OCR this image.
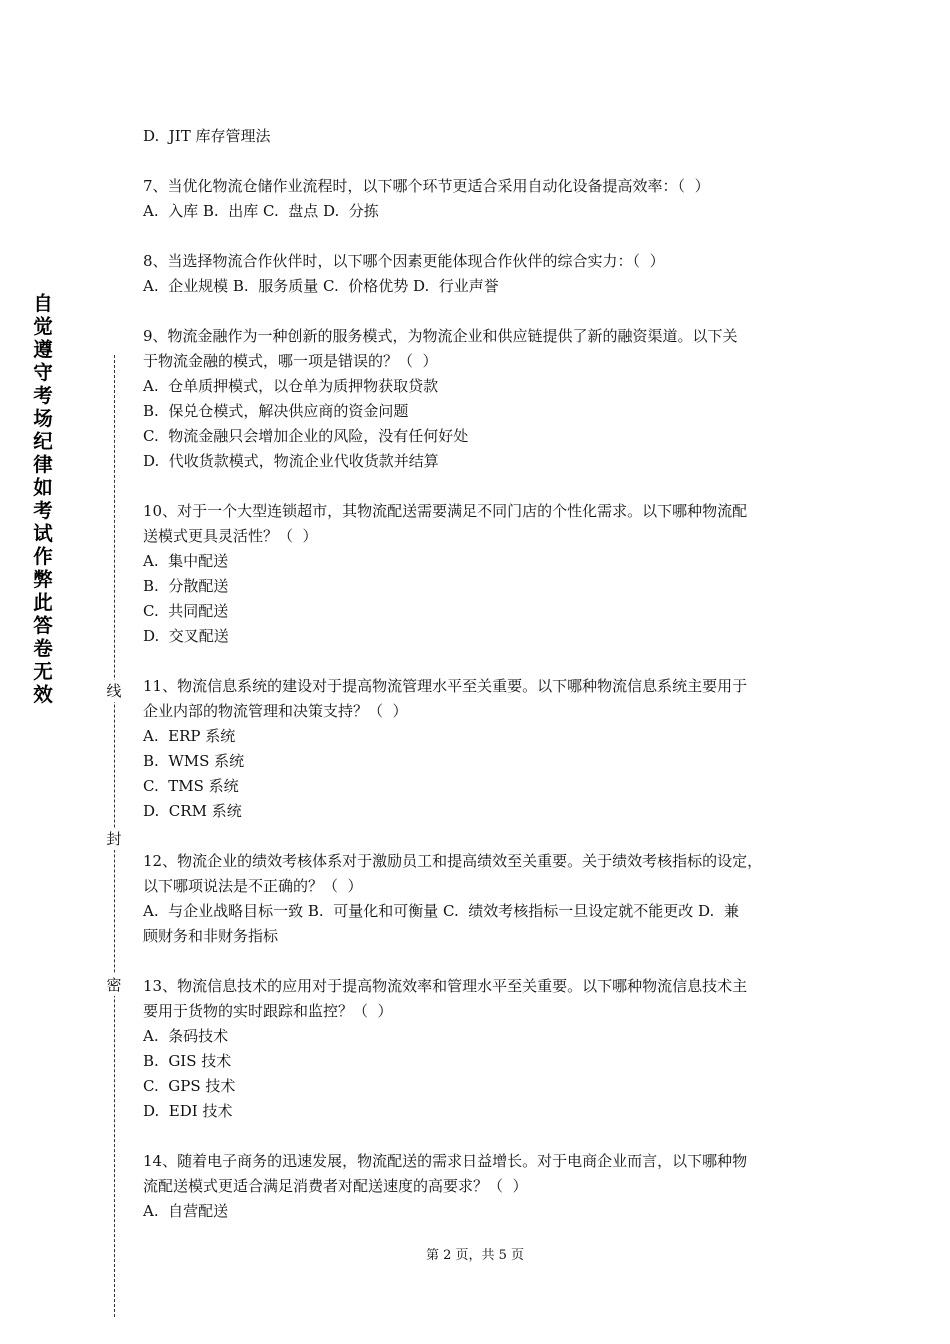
自觉遵守考场纪律如考试作弊此答卷无效	线
封
密
D.  JIT 库存管理法
7、当优化物流仓储作业流程时，以下哪个环节更适合采用自动化设备提高效率：（  ）
A.  入库 B.  出库 C.  盘点 D.  分拣
8、当选择物流合作伙伴时，以下哪个因素更能体现合作伙伴的综合实力：（  ）
A.  企业规模 B.  服务质量 C.  价格优势 D.  行业声誉
9、物流金融作为一种创新的服务模式，为物流企业和供应链提供了新的融资渠道。以下关
于物流金融的模式，哪一项是错误的？（  ）
A.  仓单质押模式，以仓单为质押物获取贷款
B.  保兑仓模式，解决供应商的资金问题
C.  物流金融只会增加企业的风险，没有任何好处
D.  代收货款模式，物流企业代收货款并结算
10、对于一个大型连锁超市，其物流配送需要满足不同门店的个性化需求。以下哪种物流配
送模式更具灵活性？（  ）
A.  集中配送
B.  分散配送
C.  共同配送
D.  交叉配送
11、物流信息系统的建设对于提高物流管理水平至关重要。以下哪种物流信息系统主要用于
企业内部的物流管理和决策支持？（  ）
A.  ERP 系统
B.  WMS 系统
C.  TMS 系统
D.  CRM 系统
12、物流企业的绩效考核体系对于激励员工和提高绩效至关重要。关于绩效考核指标的设定，
以下哪项说法是不正确的？（  ）
A.  与企业战略目标一致 B.  可量化和可衡量 C.  绩效考核指标一旦设定就不能更改 D.  兼
顾财务和非财务指标
13、物流信息技术的应用对于提高物流效率和管理水平至关重要。以下哪种物流信息技术主
要用于货物的实时跟踪和监控？（  ）
A.  条码技术
B.  GIS 技术
C.  GPS 技术
D.  EDI 技术
14、随着电子商务的迅速发展，物流配送的需求日益增长。对于电商企业而言，以下哪种物
流配送模式更适合满足消费者对配送速度的高要求？（  ）
A.  自营配送
第 2 页，共 5 页
